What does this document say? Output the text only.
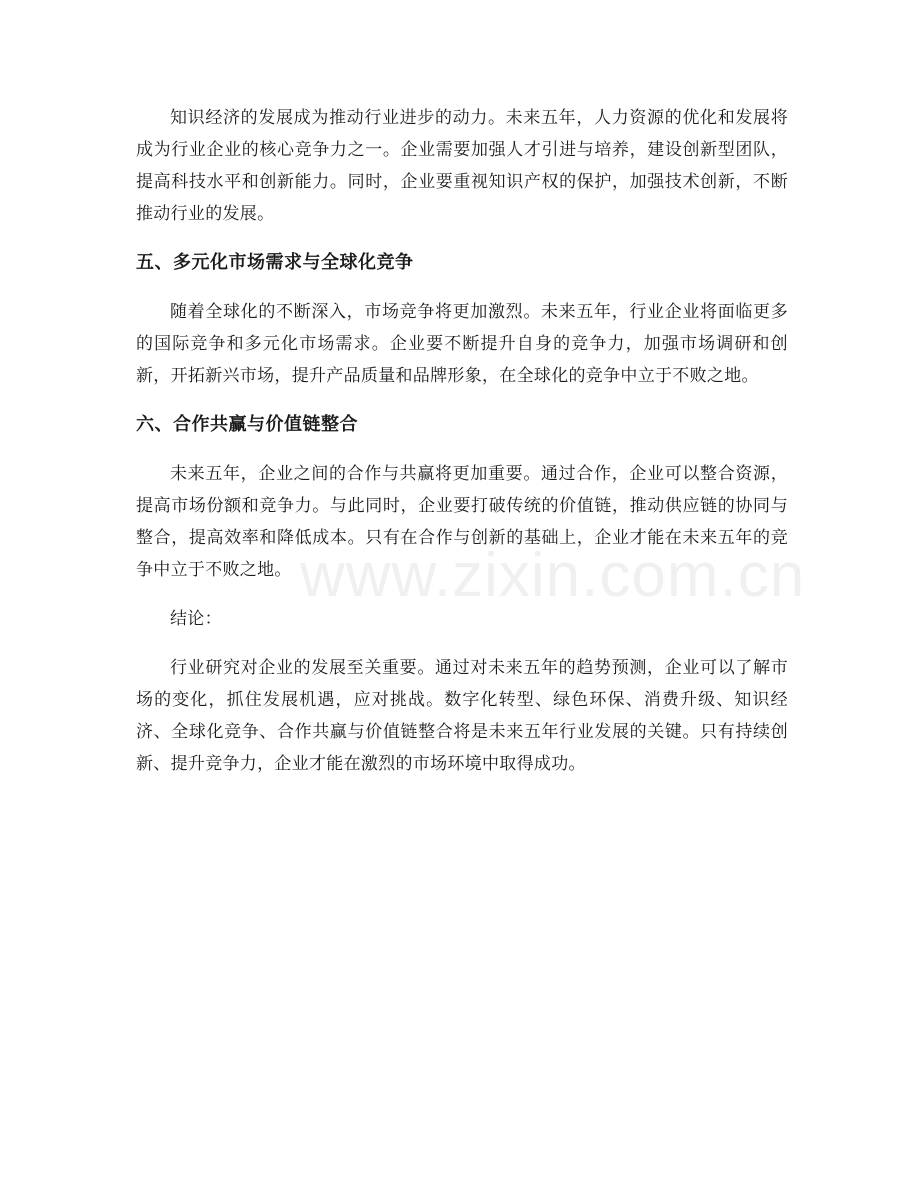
知识经济的发展成为推动行业进步的动力。未来五年，人力资源的优化和发展将成为行业企业的核心竞争力之一。企业需要加强人才引进与培养，建设创新型团队，提高科技水平和创新能力。同时，企业要重视知识产权的保护，加强技术创新，不断推动行业的发展。

五、多元化市场需求与全球化竞争

随着全球化的不断深入，市场竞争将更加激烈。未来五年，行业企业将面临更多的国际竞争和多元化市场需求。企业要不断提升自身的竞争力，加强市场调研和创新，开拓新兴市场，提升产品质量和品牌形象，在全球化的竞争中立于不败之地。

六、合作共赢与价值链整合

未来五年，企业之间的合作与共赢将更加重要。通过合作，企业可以整合资源，提高市场份额和竞争力。与此同时，企业要打破传统的价值链，推动供应链的协同与整合，提高效率和降低成本。只有在合作与创新的基础上，企业才能在未来五年的竞争中立于不败之地。

结论：

行业研究对企业的发展至关重要。通过对未来五年的趋势预测，企业可以了解市场的变化，抓住发展机遇，应对挑战。数字化转型、绿色环保、消费升级、知识经济、全球化竞争、合作共赢与价值链整合将是未来五年行业发展的关键。只有持续创新、提升竞争力，企业才能在激烈的市场环境中取得成功。

www.zixin.com.cn
